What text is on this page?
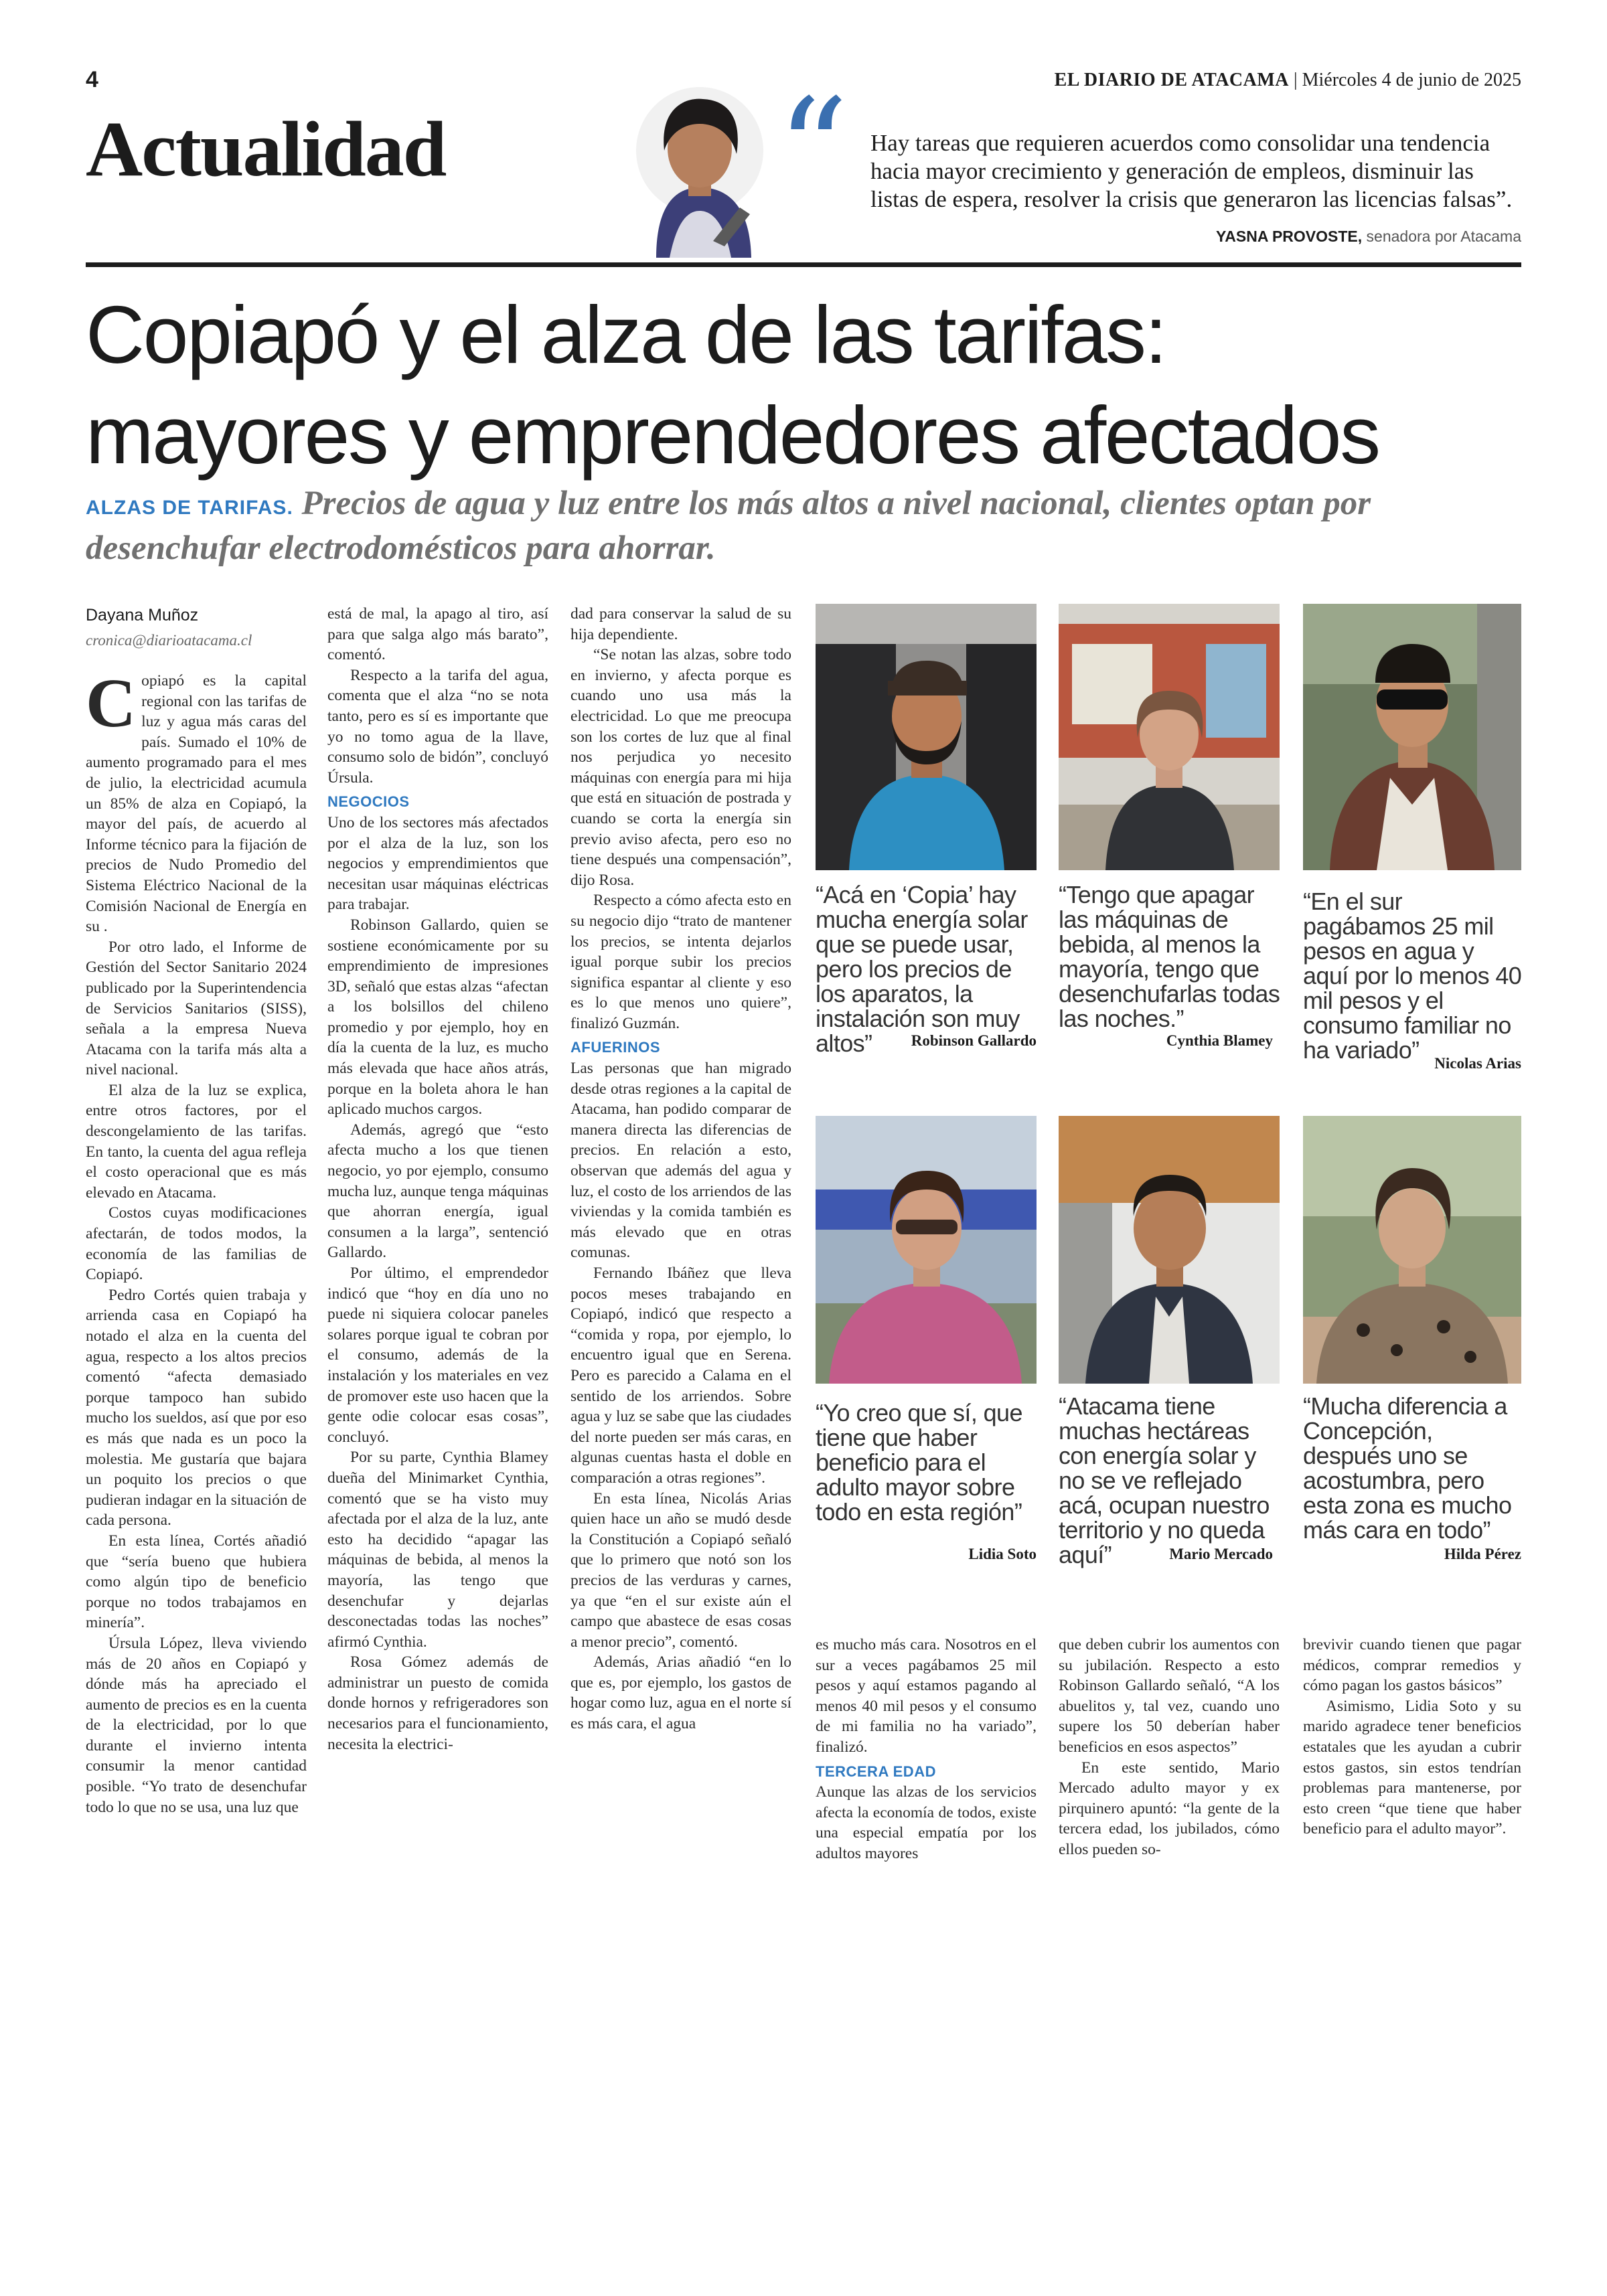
4	EL DIARIO DE ATACAMA | Miércoles 4 de junio de 2025
Actualidad “ Hay tareas que requieren acuerdos como consolidar una tendencia hacia mayor crecimiento y generación de empleos, disminuir las listas de espera, resolver la crisis que generaron las licencias falsas”.
YASNA PROVOSTE, senadora por Atacama
Copiapó y el alza de las tarifas:
mayores y emprendedores afectados
ALZAS DE TARIFAS. Precios de agua y luz entre los más altos a nivel nacional, clientes optan por desenchufar electrodomésticos para ahorrar.
Dayana Muñoz
cronica@diarioatacama.cl

Copiapó es la capital regional con las tarifas de luz y agua más caras del país. Sumado el 10% de aumento programado para el mes de julio, la electricidad acumula un 85% de alza en Copiapó, la mayor del país, de acuerdo al Informe técnico para la fijación de precios de Nudo Promedio del Sistema Eléctrico Nacional de la Comisión Nacional de Energía en su .

Por otro lado, el Informe de Gestión del Sector Sanitario 2024 publicado por la Superintendencia de Servicios Sanitarios (SISS), señala a la empresa Nueva Atacama con la tarifa más alta a nivel nacional.

El alza de la luz se explica, entre otros factores, por el descongelamiento de las tarifas. En tanto, la cuenta del agua refleja el costo operacional que es más elevado en Atacama.

Costos cuyas modificaciones afectarán, de todos modos, la economía de las familias de Copiapó.

Pedro Cortés quien trabaja y arrienda casa en Copiapó ha notado el alza en la cuenta del agua, respecto a los altos precios comentó “afecta demasiado porque tampoco han subido mucho los sueldos, así que por eso es más que nada es un poco la molestia. Me gustaría que bajara un poquito los precios o que pudieran indagar en la situación de cada persona.

En esta línea, Cortés añadió que “sería bueno que hubiera como algún tipo de beneficio porque no todos trabajamos en minería”.

Úrsula López, lleva viviendo más de 20 años en Copiapó y dónde más ha apreciado el aumento de precios es en la cuenta de la electricidad, por lo que durante el invierno intenta consumir la menor cantidad posible. “Yo trato de desenchufar todo lo que no se usa, una luz que

está de mal, la apago al tiro, así para que salga algo más barato”, comentó.

Respecto a la tarifa del agua, comenta que el alza “no se nota tanto, pero es sí es importante que yo no tomo agua de la llave, consumo solo de bidón”, concluyó Úrsula.

NEGOCIOS

Uno de los sectores más afectados por el alza de la luz, son los negocios y emprendimientos que necesitan usar máquinas eléctricas para trabajar.

Robinson Gallardo, quien se sostiene económicamente por su emprendimiento de impresiones 3D, señaló que estas alzas “afectan a los bolsillos del chileno promedio y por ejemplo, hoy en día la cuenta de la luz, es mucho más elevada que hace años atrás, porque en la boleta ahora le han aplicado muchos cargos.

Además, agregó que “esto afecta mucho a los que tienen negocio, yo por ejemplo, consumo mucha luz, aunque tenga máquinas que ahorran energía, igual consumen a la larga”, sentenció Gallardo.

Por último, el emprendedor indicó que “hoy en día uno no puede ni siquiera colocar paneles solares porque igual te cobran por el consumo, además de la instalación y los materiales en vez de promover este uso hacen que la gente odie colocar esas cosas”, concluyó.

Por su parte, Cynthia Blamey dueña del Minimarket Cynthia, comentó que se ha visto muy afectada por el alza de la luz, ante esto ha decidido “apagar las máquinas de bebida, al menos la mayoría, las tengo que desenchufar y dejarlas desconectadas todas las noches” afirmó Cynthia.

Rosa Gómez además de administrar un puesto de comida donde hornos y refrigeradores son necesarios para el funcionamiento, necesita la electrici-

dad para conservar la salud de su hija dependiente.

“Se notan las alzas, sobre todo en invierno, y afecta porque es cuando uno usa más la electricidad. Lo que me preocupa son los cortes de luz que al final nos perjudica yo necesito máquinas con energía para mi hija que está en situación de postrada y cuando se corta la energía sin previo aviso afecta, pero eso no tiene después una compensación”, dijo Rosa.

Respecto a cómo afecta esto en su negocio dijo “trato de mantener los precios, se intenta dejarlos igual porque subir los precios significa espantar al cliente y eso es lo que menos uno quiere”, finalizó Guzmán.

AFUERINOS

Las personas que han migrado desde otras regiones a la capital de Atacama, han podido comparar de manera directa las diferencias de precios. En relación a esto, observan que además del agua y luz, el costo de los arriendos de las viviendas y la comida también es más elevado que en otras comunas.

Fernando Ibáñez que lleva pocos meses trabajando en Copiapó, indicó que respecto a “comida y ropa, por ejemplo, lo encuentro igual que en Serena. Pero es parecido a Calama en el sentido de los arriendos. Sobre agua y luz se sabe que las ciudades del norte pueden ser más caras, en algunas cuentas hasta el doble en comparación a otras regiones”.

En esta línea, Nicolás Arias quien hace un año se mudó desde la Constitución a Copiapó señaló que lo primero que notó son los precios de las verduras y carnes, ya que “en el sur existe aún el campo que abastece de esas cosas a menor precio”, comentó.

Además, Arias añadió “en lo que es, por ejemplo, los gastos de hogar como luz, agua en el norte sí es más cara, el agua

“Acá en ‘Copia’ hay mucha energía solar que se puede usar, pero los precios de los aparatos, la instalación son muy altos”	Robinson Gallardo
“Tengo que apagar las máquinas de bebida, al menos la mayoría, tengo que desenchufarlas todas las noches.”
Cynthia Blamey
“En el sur pagábamos 25 mil pesos en agua y aquí por lo menos 40 mil pesos y el consumo familiar no ha variado” Nicolas Arias
“Yo creo que sí, que tiene que haber beneficio para el adulto mayor sobre todo en esta región”
Lidia Soto
“Atacama tiene muchas hectáreas con energía solar y no se ve reflejado acá, ocupan nuestro territorio y no queda aquí”	Mario Mercado
“Mucha diferencia a Concepción, después uno se acostumbra, pero esta zona es mucho más cara en todo”
Hilda Pérez

es mucho más cara. Nosotros en el sur a veces pagábamos 25 mil pesos y aquí estamos pagando al menos 40 mil pesos y el consumo de mi familia no ha variado”, finalizó.

TERCERA EDAD

Aunque las alzas de los servicios afecta la economía de todos, existe una especial empatía por los adultos mayores

que deben cubrir los aumentos con su jubilación. Respecto a esto Robinson Gallardo señaló, “A los abuelitos y, tal vez, cuando uno supere los 50 deberían haber beneficios en esos aspectos”

En este sentido, Mario Mercado adulto mayor y ex pirquinero apuntó: “la gente de la tercera edad, los jubilados, cómo ellos pueden so-

brevivir cuando tienen que pagar médicos, comprar remedios y cómo pagan los gastos básicos”

Asimismo, Lidia Soto y su marido agradece tener beneficios estatales que les ayudan a cubrir estos gastos, sin estos tendrían problemas para mantenerse, por esto creen “que tiene que haber beneficio para el adulto mayor”.
